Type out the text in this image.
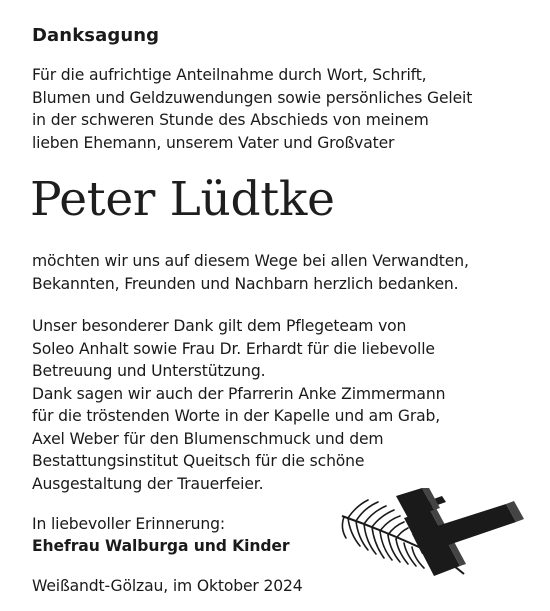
Danksagung
Für die aufrichtige Anteilnahme durch Wort, Schrift,
Blumen und Geldzuwendungen sowie persönliches Geleit
in der schweren Stunde des Abschieds von meinem
lieben Ehemann, unserem Vater und Großvater
Peter Lüdtke
möchten wir uns auf diesem Wege bei allen Verwandten,
Bekannten, Freunden und Nachbarn herzlich bedanken.
Unser besonderer Dank gilt dem Pflegeteam von
Soleo Anhalt sowie Frau Dr. Erhardt für die liebevolle
Betreuung und Unterstützung.
Dank sagen wir auch der Pfarrerin Anke Zimmermann
für die tröstenden Worte in der Kapelle und am Grab,
Axel Weber für den Blumenschmuck und dem
Bestattungsinstitut Queitsch für die schöne
Ausgestaltung der Trauerfeier.
In liebevoller Erinnerung:
Ehefrau Walburga und Kinder
Weißandt-Gölzau, im Oktober 2024
